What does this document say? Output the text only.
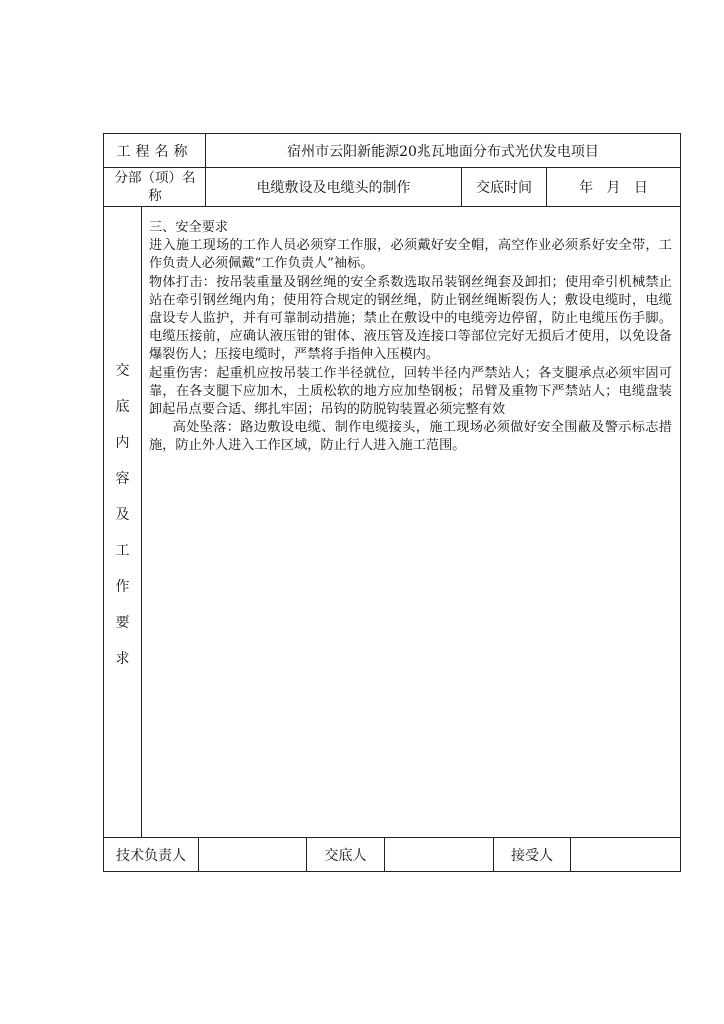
工程名称	宿州市云阳新能源20兆瓦地面分布式光伏发电项目
分部（项）名称	电缆敷设及电缆头的制作	交底时间	年   月   日
交
底
内
容
及
工
作
要
求

三、安全要求

进入施工现场的工作人员必须穿工作服，必须戴好安全帽，高空作业必须系好安全带，工作负责人必须佩戴“工作负责人”袖标。

物体打击：按吊装重量及钢丝绳的安全系数选取吊装钢丝绳套及卸扣；使用牵引机械禁止站在牵引钢丝绳内角；使用符合规定的钢丝绳，防止钢丝绳断裂伤人；敷设电缆时，电缆盘设专人监护，并有可靠制动措施；禁止在敷设中的电缆旁边停留，防止电缆压伤手脚。电缆压接前，应确认液压钳的钳体、液压管及连接口等部位完好无损后才使用，以免设备爆裂伤人；压接电缆时，严禁将手指伸入压模内。

起重伤害：起重机应按吊装工作半径就位，回转半径内严禁站人；各支腿承点必须牢固可靠，在各支腿下应加木，土质松软的地方应加垫钢板；吊臂及重物下严禁站人；电缆盘装卸起吊点要合适、绑扎牢固；吊钩的防脱钩装置必须完整有效

高处坠落：路边敷设电缆、制作电缆接头，施工现场必须做好安全围蔽及警示标志措施，防止外人进入工作区域，防止行人进入施工范围。

技术负责人	交底人	接受人
